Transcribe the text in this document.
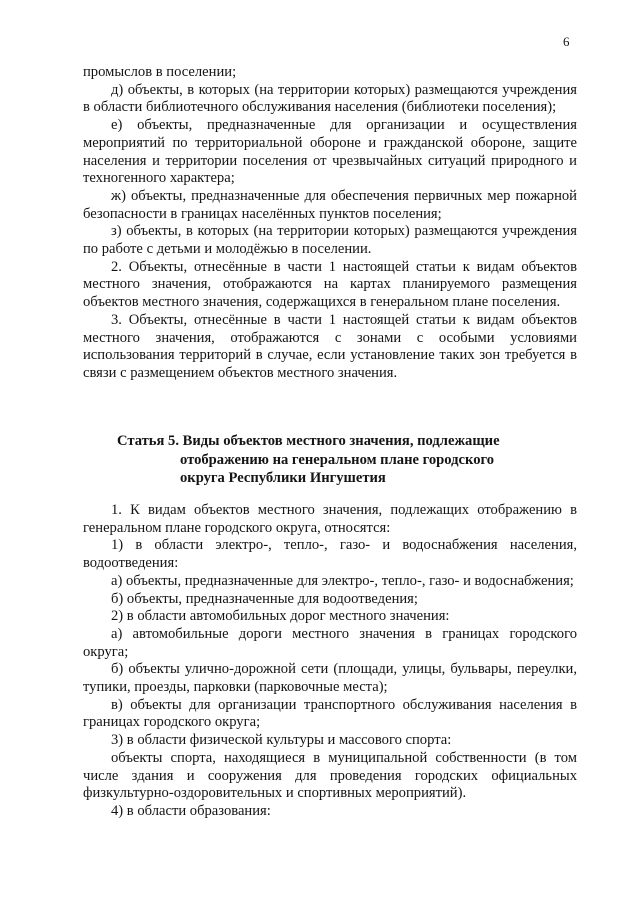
6

промыслов в поселении;

д) объекты, в которых (на территории которых) размещаются учреждения в области библиотечного обслуживания населения (библиотеки поселения);

е) объекты, предназначенные для организации и осуществления мероприятий по территориальной обороне и гражданской обороне, защите населения и территории поселения от чрезвычайных ситуаций природного и техногенного характера;

ж) объекты, предназначенные для обеспечения первичных мер пожарной безопасности в границах населённых пунктов поселения;

з) объекты, в которых (на территории которых) размещаются учреждения по работе с детьми и молодёжью в поселении.

2. Объекты, отнесённые в части 1 настоящей статьи к видам объектов местного значения, отображаются на картах планируемого размещения объектов местного значения, содержащихся в генеральном плане поселения.

3. Объекты, отнесённые в части 1 настоящей статьи к видам объектов местного значения, отображаются с зонами с особыми условиями использования территорий в случае, если установление таких зон требуется в связи с размещением объектов местного значения.

Статья 5. Виды объектов местного значения, подлежащие
отображению на генеральном плане городского
округа Республики Ингушетия

1. К видам объектов местного значения, подлежащих отображению в генеральном плане городского округа, относятся:

1) в области электро-, тепло-, газо- и водоснабжения населения, водоотведения:

а) объекты, предназначенные для электро-, тепло-, газо- и водоснабжения;

б) объекты, предназначенные для водоотведения;

2) в области автомобильных дорог местного значения:

а) автомобильные дороги местного значения в границах городского округа;

б) объекты улично-дорожной сети (площади, улицы, бульвары, переулки, тупики, проезды, парковки (парковочные места);

в) объекты для организации транспортного обслуживания населения в границах городского округа;

3) в области физической культуры и массового спорта:

объекты спорта, находящиеся в муниципальной собственности (в том числе здания и сооружения для проведения городских официальных физкультурно-оздоровительных и спортивных мероприятий).

4) в области образования:
